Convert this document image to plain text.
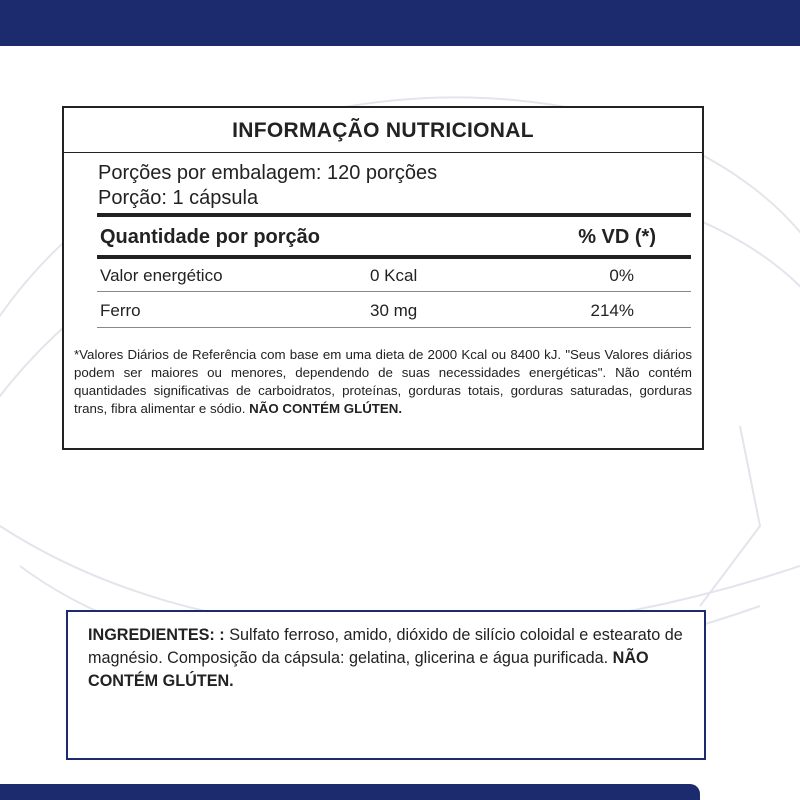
INFORMAÇÃO NUTRICIONAL
Porções por embalagem: 120 porções
Porção: 1 cápsula
Quantidade por porção	% VD (*)
Valor energético	0 Kcal	0%
Ferro	30 mg	214%
*Valores Diários de Referência com base em uma dieta de 2000 Kcal ou 8400 kJ. "Seus Valores diários podem ser maiores ou menores, dependendo de suas necessidades energéticas". Não contém quantidades significativas de carboidratos, proteínas, gorduras totais, gorduras saturadas, gorduras trans, fibra alimentar e sódio. NÃO CONTÉM GLÚTEN.
INGREDIENTES: : Sulfato ferroso, amido, dióxido de silício coloidal e estearato de magnésio. Composição da cápsula: gelatina, glicerina e água purificada. NÃO CONTÉM GLÚTEN.
